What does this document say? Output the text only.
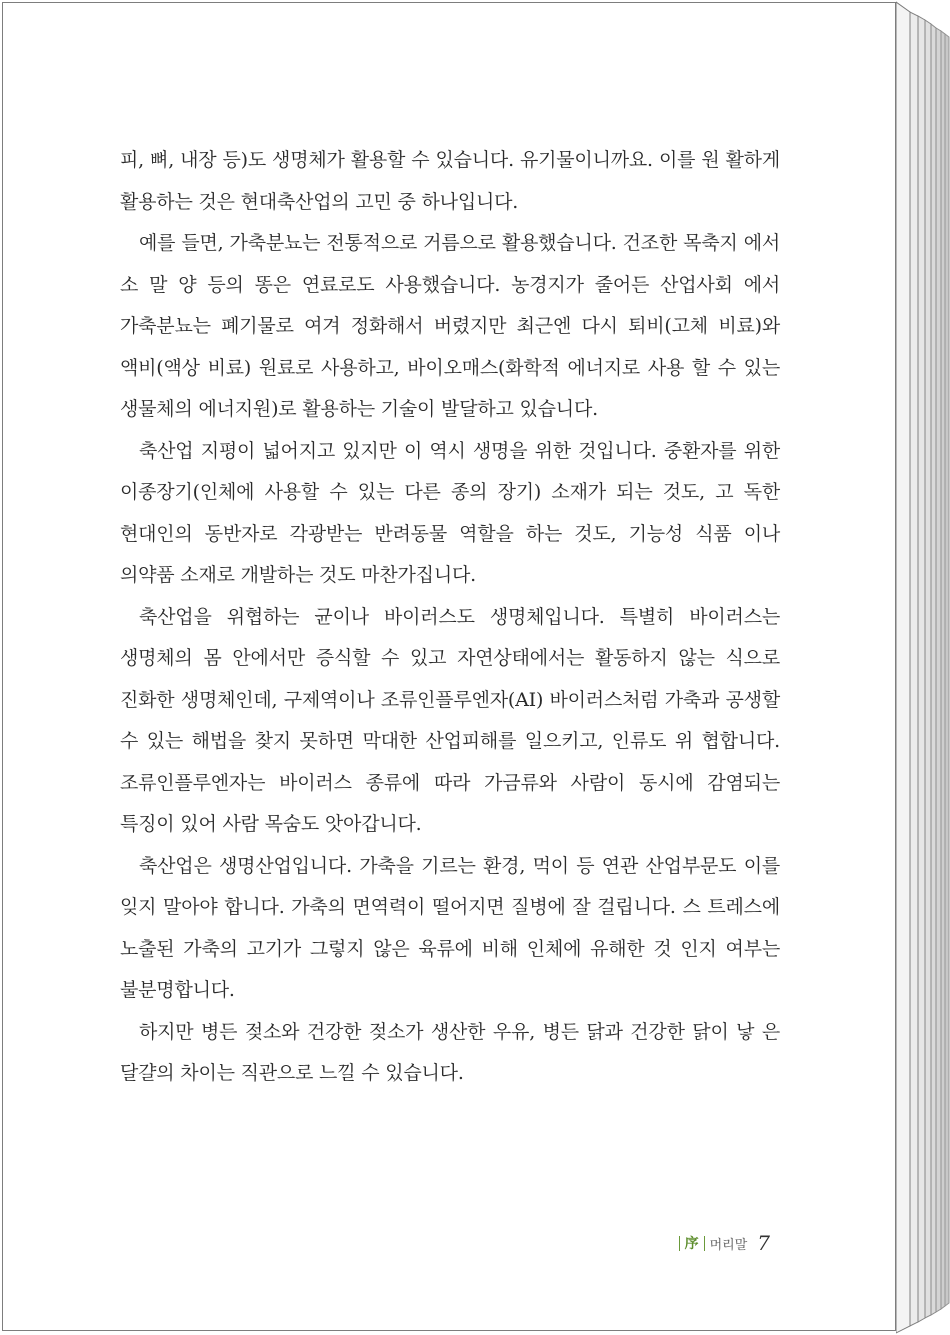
피, 뼈, 내장 등)도 생명체가 활용할 수 있습니다. 유기물이니까요. 이를 원 활하게 활용하는 것은 현대축산업의 고민 중 하나입니다.

예를 들면, 가축분뇨는 전통적으로 거름으로 활용했습니다. 건조한 목축지 에서 소 말 양 등의 똥은 연료로도 사용했습니다. 농경지가 줄어든 산업사회 에서 가축분뇨는 폐기물로 여겨 정화해서 버렸지만 최근엔 다시 퇴비(고체 비료)와 액비(액상 비료) 원료로 사용하고, 바이오매스(화학적 에너지로 사용 할 수 있는 생물체의 에너지원)로 활용하는 기술이 발달하고 있습니다.

축산업 지평이 넓어지고 있지만 이 역시 생명을 위한 것입니다. 중환자를 위한 이종장기(인체에 사용할 수 있는 다른 종의 장기) 소재가 되는 것도, 고 독한 현대인의 동반자로 각광받는 반려동물 역할을 하는 것도, 기능성 식품 이나 의약품 소재로 개발하는 것도 마찬가집니다.

축산업을 위협하는 균이나 바이러스도 생명체입니다. 특별히 바이러스는 생명체의 몸 안에서만 증식할 수 있고 자연상태에서는 활동하지 않는 식으로 진화한 생명체인데, 구제역이나 조류인플루엔자(AI) 바이러스처럼 가축과 공생할 수 있는 해법을 찾지 못하면 막대한 산업피해를 일으키고, 인류도 위 협합니다. 조류인플루엔자는 바이러스 종류에 따라 가금류와 사람이 동시에 감염되는 특징이 있어 사람 목숨도 앗아갑니다.

축산업은 생명산업입니다. 가축을 기르는 환경, 먹이 등 연관 산업부문도 이를 잊지 말아야 합니다. 가축의 면역력이 떨어지면 질병에 잘 걸립니다. 스 트레스에 노출된 가축의 고기가 그렇지 않은 육류에 비해 인체에 유해한 것 인지 여부는 불분명합니다.

하지만 병든 젖소와 건강한 젖소가 생산한 우유, 병든 닭과 건강한 닭이 낳 은 달걀의 차이는 직관으로 느낄 수 있습니다.

序 머리말 7
